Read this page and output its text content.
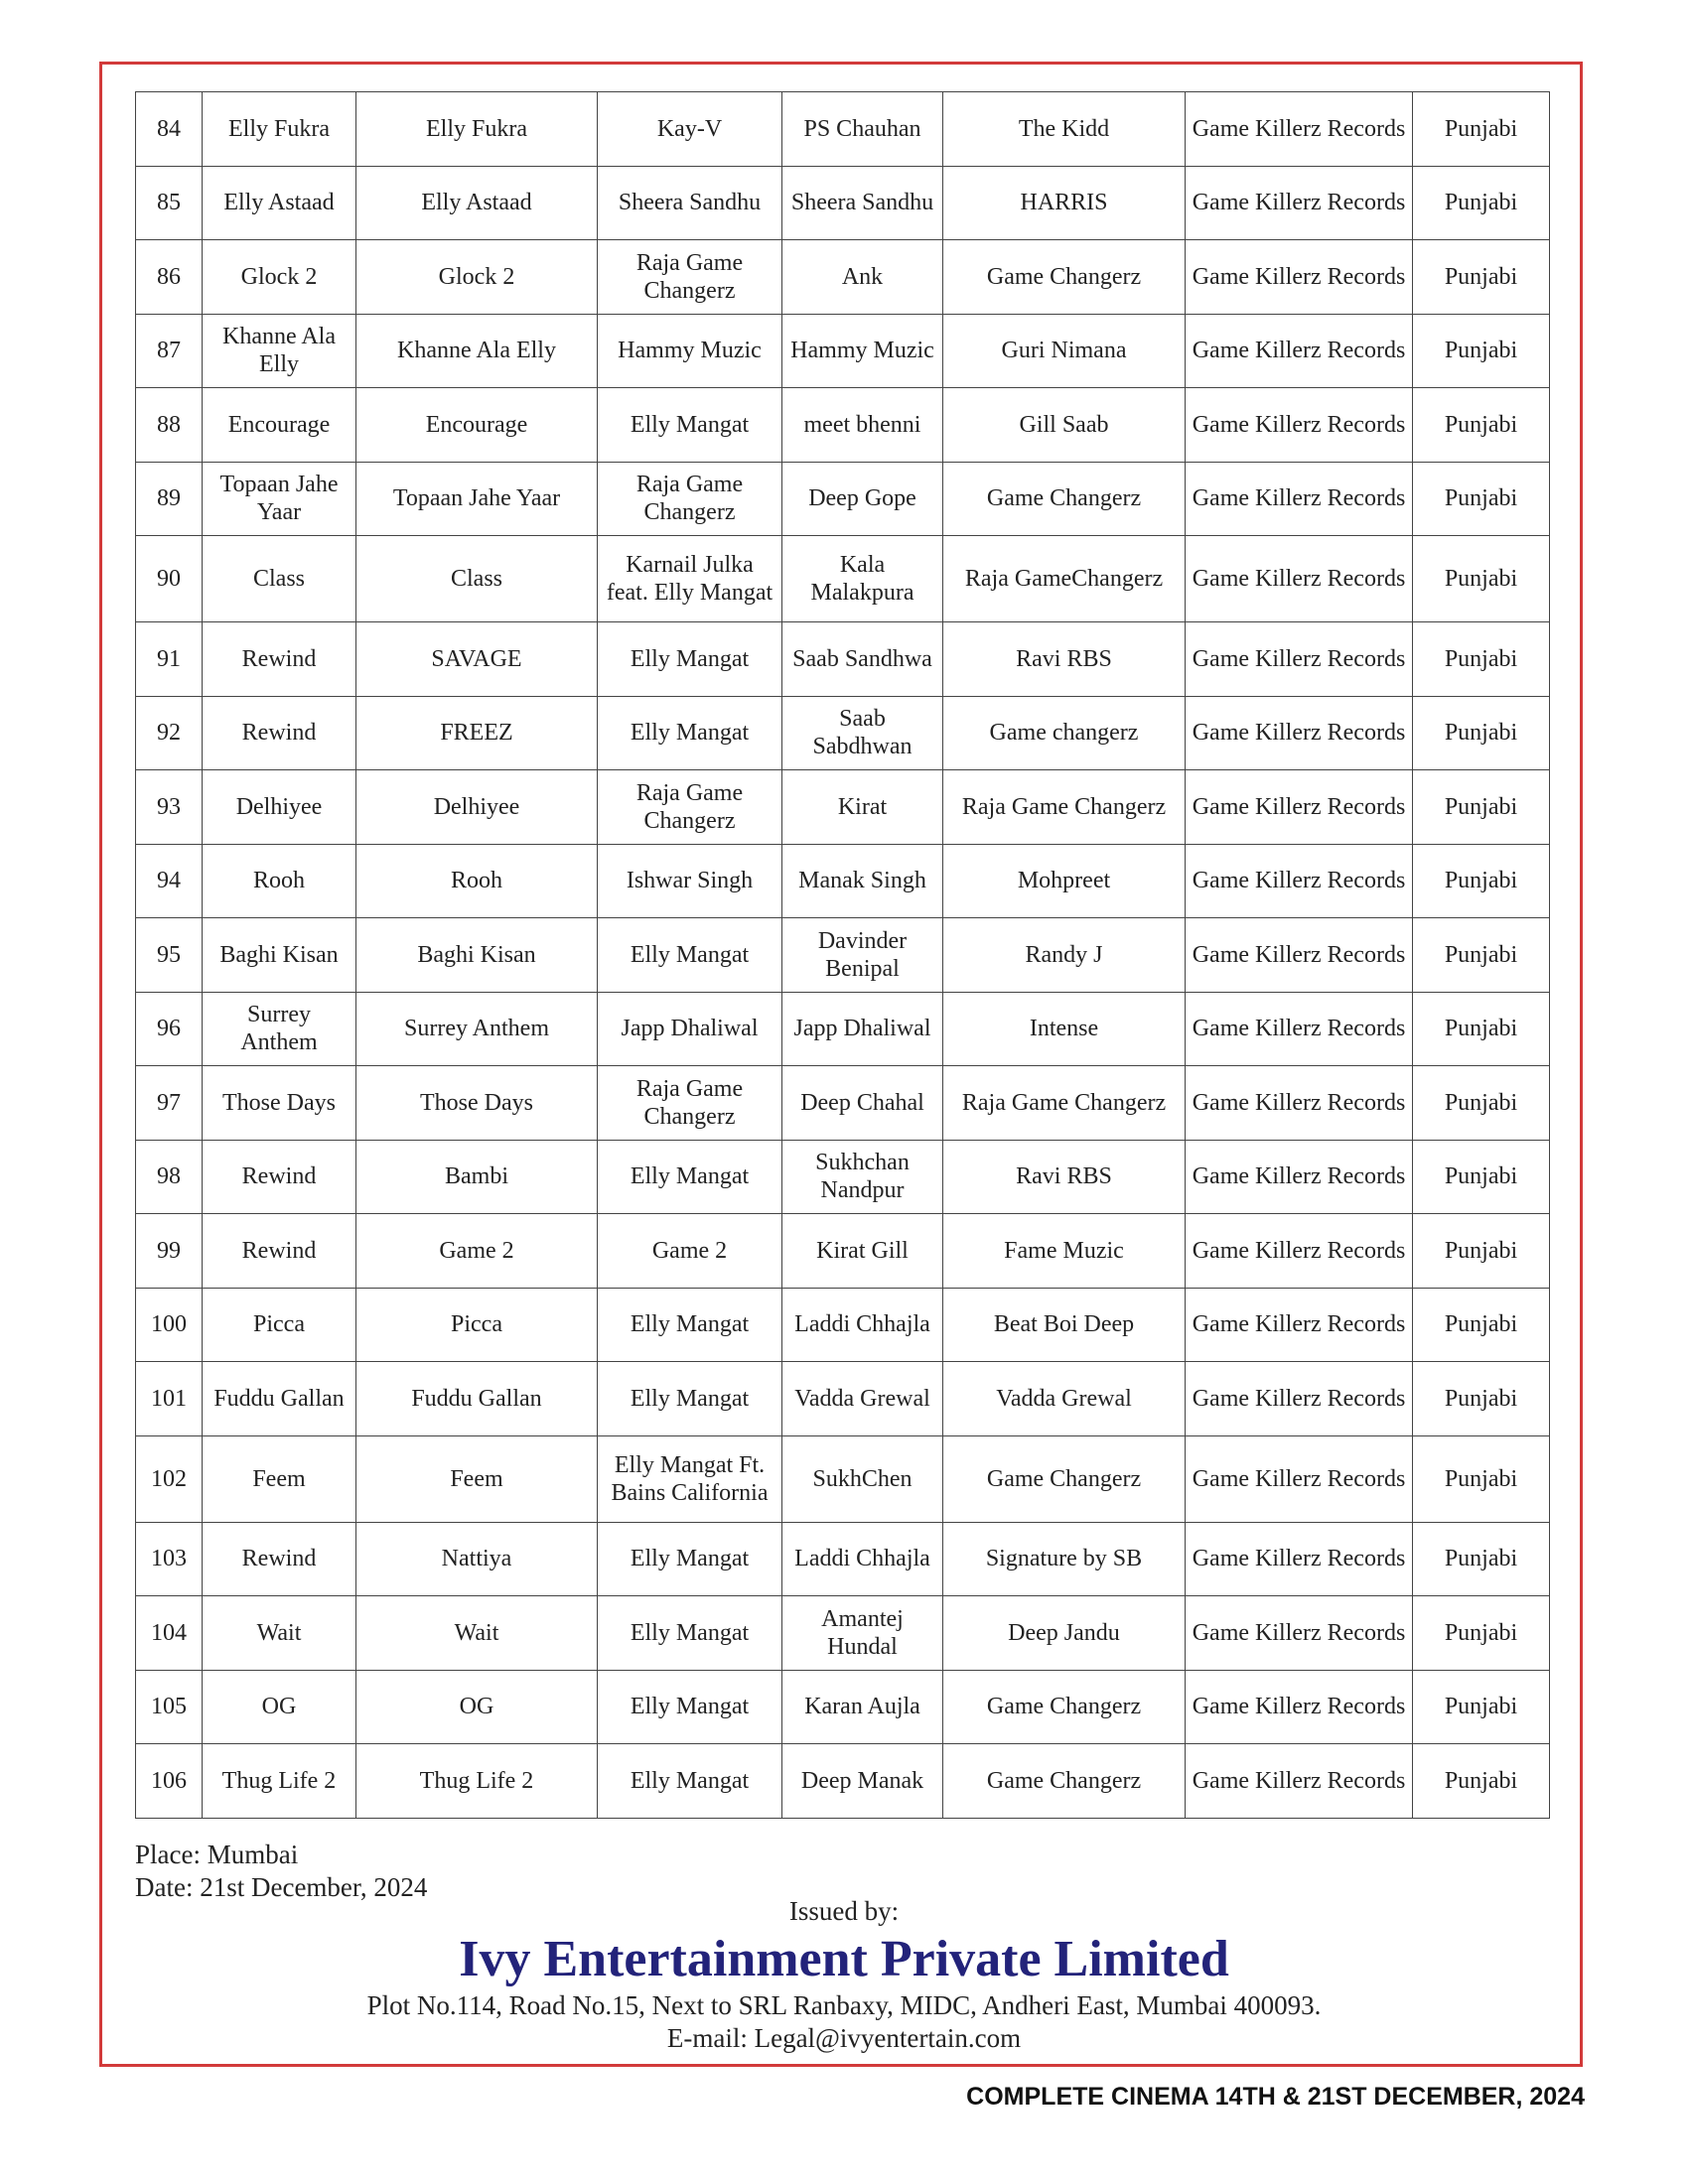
84	Elly Fukra	Elly Fukra	Kay-V	PS Chauhan	The Kidd	Game Killerz Records	Punjabi
85	Elly Astaad	Elly Astaad	Sheera Sandhu	Sheera Sandhu	HARRIS	Game Killerz Records	Punjabi
86	Glock 2	Glock 2	Raja Game Changerz	Ank	Game Changerz	Game Killerz Records	Punjabi
87	Khanne Ala Elly	Khanne Ala Elly	Hammy Muzic	Hammy Muzic	Guri Nimana	Game Killerz Records	Punjabi
88	Encourage	Encourage	Elly Mangat	meet bhenni	Gill Saab	Game Killerz Records	Punjabi
89	Topaan Jahe Yaar	Topaan Jahe Yaar	Raja Game Changerz	Deep Gope	Game Changerz	Game Killerz Records	Punjabi
90	Class	Class	Karnail Julka feat. Elly Mangat	Kala Malakpura	Raja GameChangerz	Game Killerz Records	Punjabi
91	Rewind	SAVAGE	Elly Mangat	Saab Sandhwa	Ravi RBS	Game Killerz Records	Punjabi
92	Rewind	FREEZ	Elly Mangat	Saab Sabdhwan	Game changerz	Game Killerz Records	Punjabi
93	Delhiyee	Delhiyee	Raja Game Changerz	Kirat	Raja Game Changerz	Game Killerz Records	Punjabi
94	Rooh	Rooh	Ishwar Singh	Manak Singh	Mohpreet	Game Killerz Records	Punjabi
95	Baghi Kisan	Baghi Kisan	Elly Mangat	Davinder Benipal	Randy J	Game Killerz Records	Punjabi
96	Surrey Anthem	Surrey Anthem	Japp Dhaliwal	Japp Dhaliwal	Intense	Game Killerz Records	Punjabi
97	Those Days	Those Days	Raja Game Changerz	Deep Chahal	Raja Game Changerz	Game Killerz Records	Punjabi
98	Rewind	Bambi	Elly Mangat	Sukhchan Nandpur	Ravi RBS	Game Killerz Records	Punjabi
99	Rewind	Game 2	Game 2	Kirat Gill	Fame Muzic	Game Killerz Records	Punjabi
100	Picca	Picca	Elly Mangat	Laddi Chhajla	Beat Boi Deep	Game Killerz Records	Punjabi
101	Fuddu Gallan	Fuddu Gallan	Elly Mangat	Vadda Grewal	Vadda Grewal	Game Killerz Records	Punjabi
102	Feem	Feem	Elly Mangat Ft. Bains California	SukhChen	Game Changerz	Game Killerz Records	Punjabi
103	Rewind	Nattiya	Elly Mangat	Laddi Chhajla	Signature by SB	Game Killerz Records	Punjabi
104	Wait	Wait	Elly Mangat	Amantej Hundal	Deep Jandu	Game Killerz Records	Punjabi
105	OG	OG	Elly Mangat	Karan Aujla	Game Changerz	Game Killerz Records	Punjabi
106	Thug Life 2	Thug Life 2	Elly Mangat	Deep Manak	Game Changerz	Game Killerz Records	Punjabi
Place: Mumbai
Date: 21st December, 2024
Issued by:
Ivy Entertainment Private Limited
Plot No.114, Road No.15, Next to SRL Ranbaxy, MIDC, Andheri East, Mumbai 400093.
E-mail: Legal@ivyentertain.com
COMPLETE CINEMA 14TH & 21ST DECEMBER, 2024
